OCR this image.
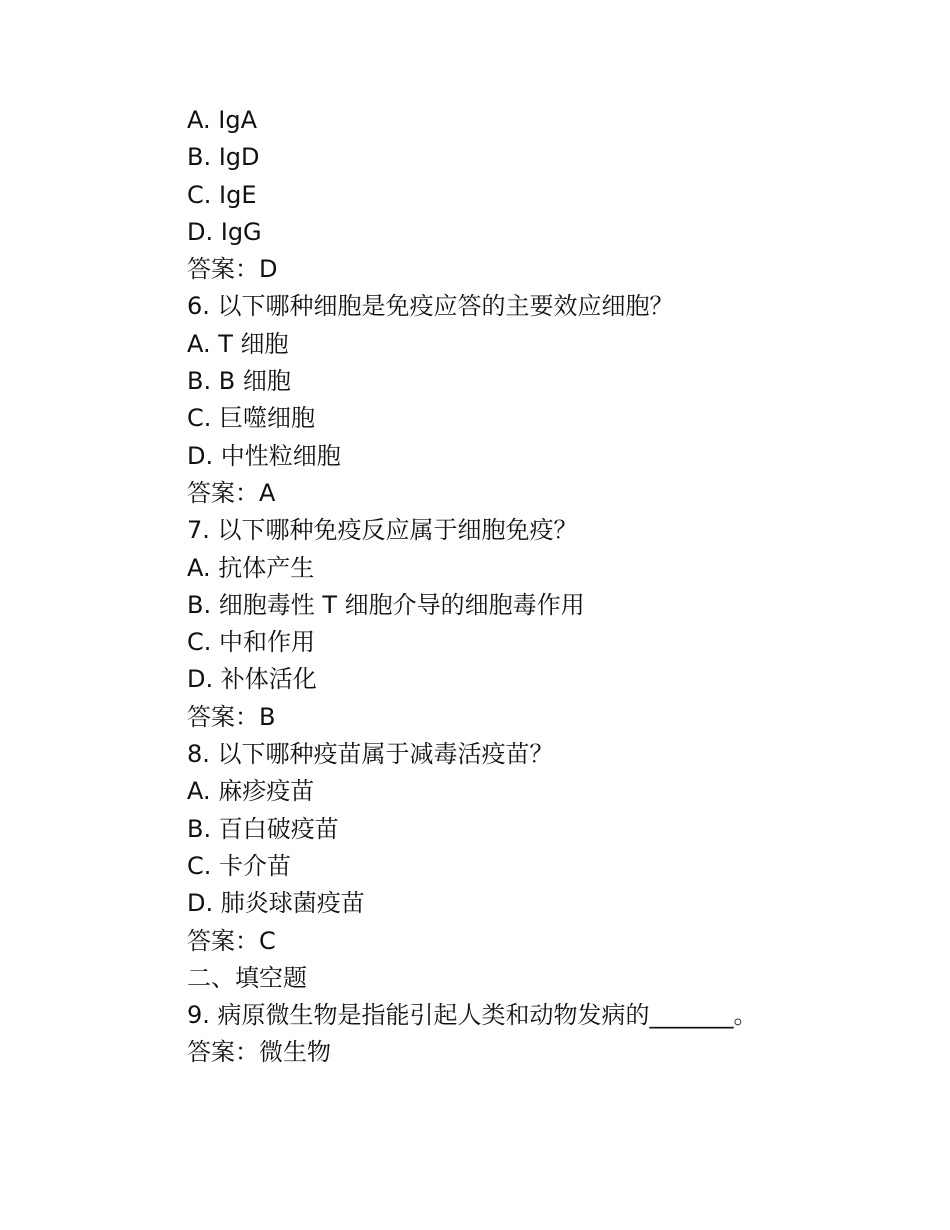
A. IgA
B. IgD
C. IgE
D. IgG
答案：D
6. 以下哪种细胞是免疫应答的主要效应细胞？
A. T 细胞
B. B 细胞
C. 巨噬细胞
D. 中性粒细胞
答案：A
7. 以下哪种免疫反应属于细胞免疫？
A. 抗体产生
B. 细胞毒性 T 细胞介导的细胞毒作用
C. 中和作用
D. 补体活化
答案：B
8. 以下哪种疫苗属于减毒活疫苗？
A. 麻疹疫苗
B. 百白破疫苗
C. 卡介苗
D. 肺炎球菌疫苗
答案：C
二、填空题
9. 病原微生物是指能引起人类和动物发病的_______。
答案：微生物
